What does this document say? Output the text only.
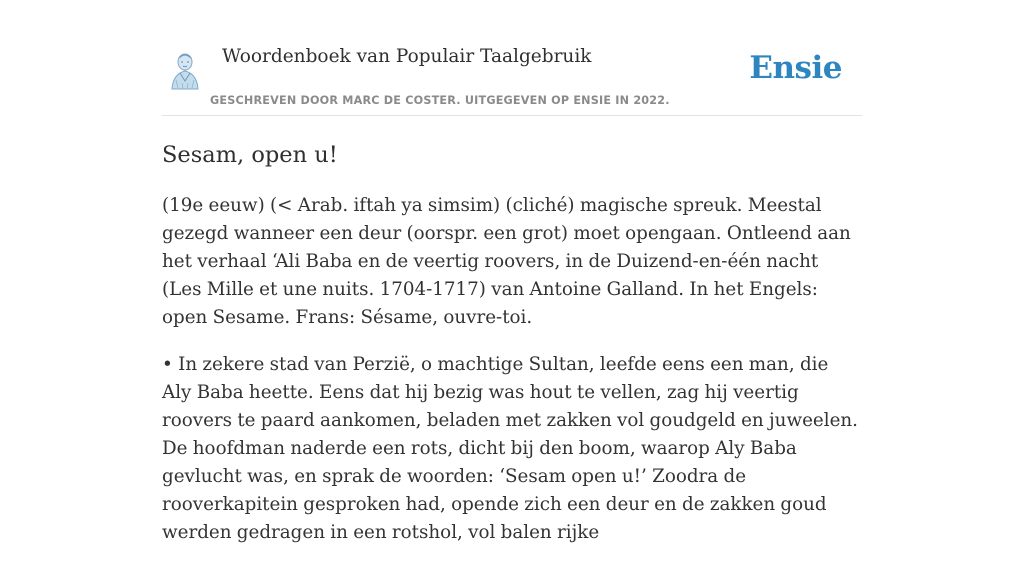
Woordenboek van Populair Taalgebruik
GESCHREVEN DOOR MARC DE COSTER. UITGEGEVEN OP ENSIE IN 2022.
Ensie
Sesam, open u!

(19e eeuw) (< Arab. iftah ya simsim) (cliché) magische spreuk. Meestal gezegd wanneer een deur (oorspr. een grot) moet opengaan. Ontleend aan het verhaal ‘Ali Baba en de veertig roovers, in de Duizend-en-één nacht (Les Mille et une nuits. 1704-1717) van Antoine Galland. In het Engels: open Sesame. Frans: Sésame, ouvre-toi.

• In zekere stad van Perzië, o machtige Sultan, leefde eens een man, die Aly Baba heette. Eens dat hij bezig was hout te vellen, zag hij veertig roovers te paard aankomen, beladen met zakken vol goudgeld en juweelen. De hoofdman naderde een rots, dicht bij den boom, waarop Aly Baba gevlucht was, en sprak de woorden: ‘Sesam open u!’ Zoodra de rooverkapitein gesproken had, opende zich een deur en de zakken goud werden gedragen in een rotshol, vol balen rijke
